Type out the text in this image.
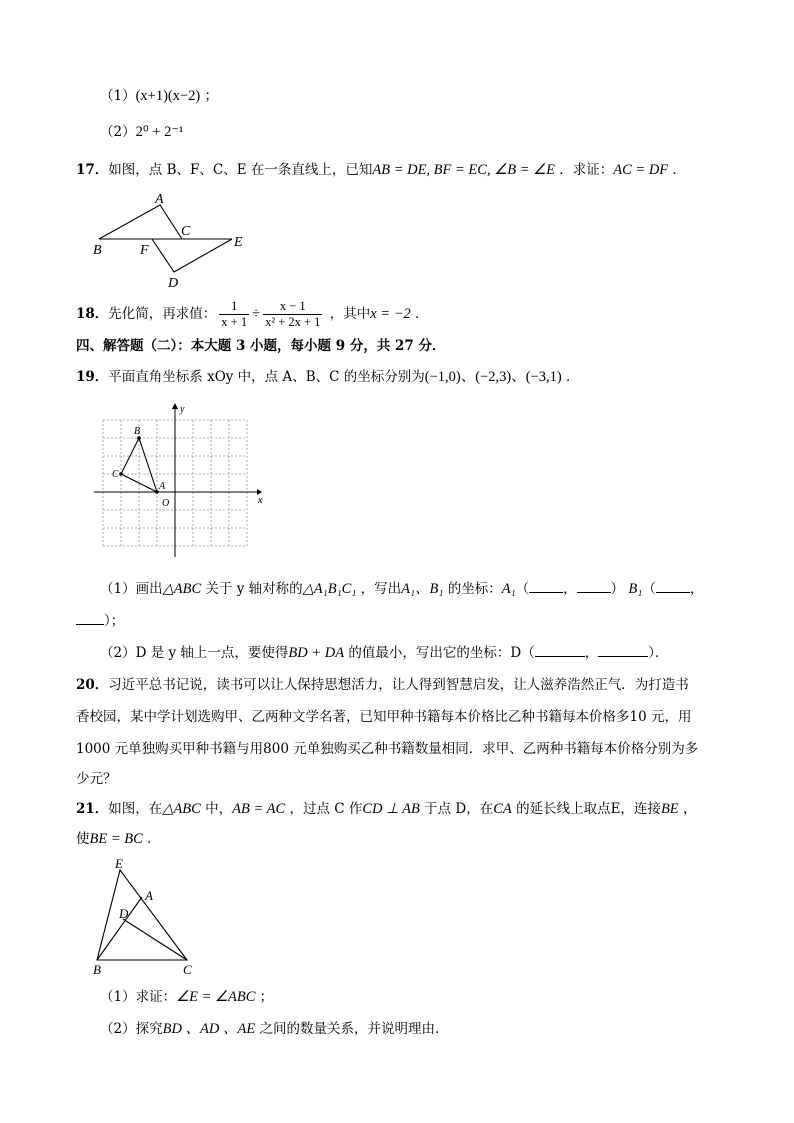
（1）(x+1)(x−2) ；
（2）2⁰ + 2⁻¹
17．如图，点 B、F、C、E 在一条直线上，已知AB = DE, BF = EC, ∠B = ∠E ．求证：AC = DF ．
A
B
C
D
E
F
18．先化简，再求值： $\frac{1}{x + 1} \div \frac{x - 1}{\text{x² + 2x + 1}}$ ，其中x = −2 ．
四、解答题（二）：本大题 3 小题，每小题 9 分，共 27 分．
19．平面直角坐标系 xOy 中，点 A、B、C 的坐标分别为(−1,0)、(−2,3)、(−3,1) ．
A
B
C
O	x
y
（1）画出△ABC 关于 y 轴对称的△A₁B₁C₁ ，写出A₁、B₁ 的坐标：A₁（	，	） B₁（	，
）；
（2）D 是 y 轴上一点，要使得BD + DA 的值最小，写出它的坐标：D（	，	）．
20．习近平总书记说，读书可以让人保持思想活力，让人得到智慧启发，让人滋养浩然正气．为打造书
香校园，某中学计划选购甲、乙两种文学名著，已知甲种书籍每本价格比乙种书籍每本价格多10 元，用
1000 元单独购买甲种书籍与用800 元单独购买乙种书籍数量相同．求甲、乙两种书籍每本价格分别为多
少元？
21．如图，在△ABC 中，AB = AC ，过点 C 作CD ⊥ AB 于点 D，在CA 的延长线上取点E，连接BE ，
使BE = BC ．
E
A
D
B	C
（1）求证：∠E = ∠ABC ；
（2）探究BD 、AD 、AE 之间的数量关系，并说明理由．
